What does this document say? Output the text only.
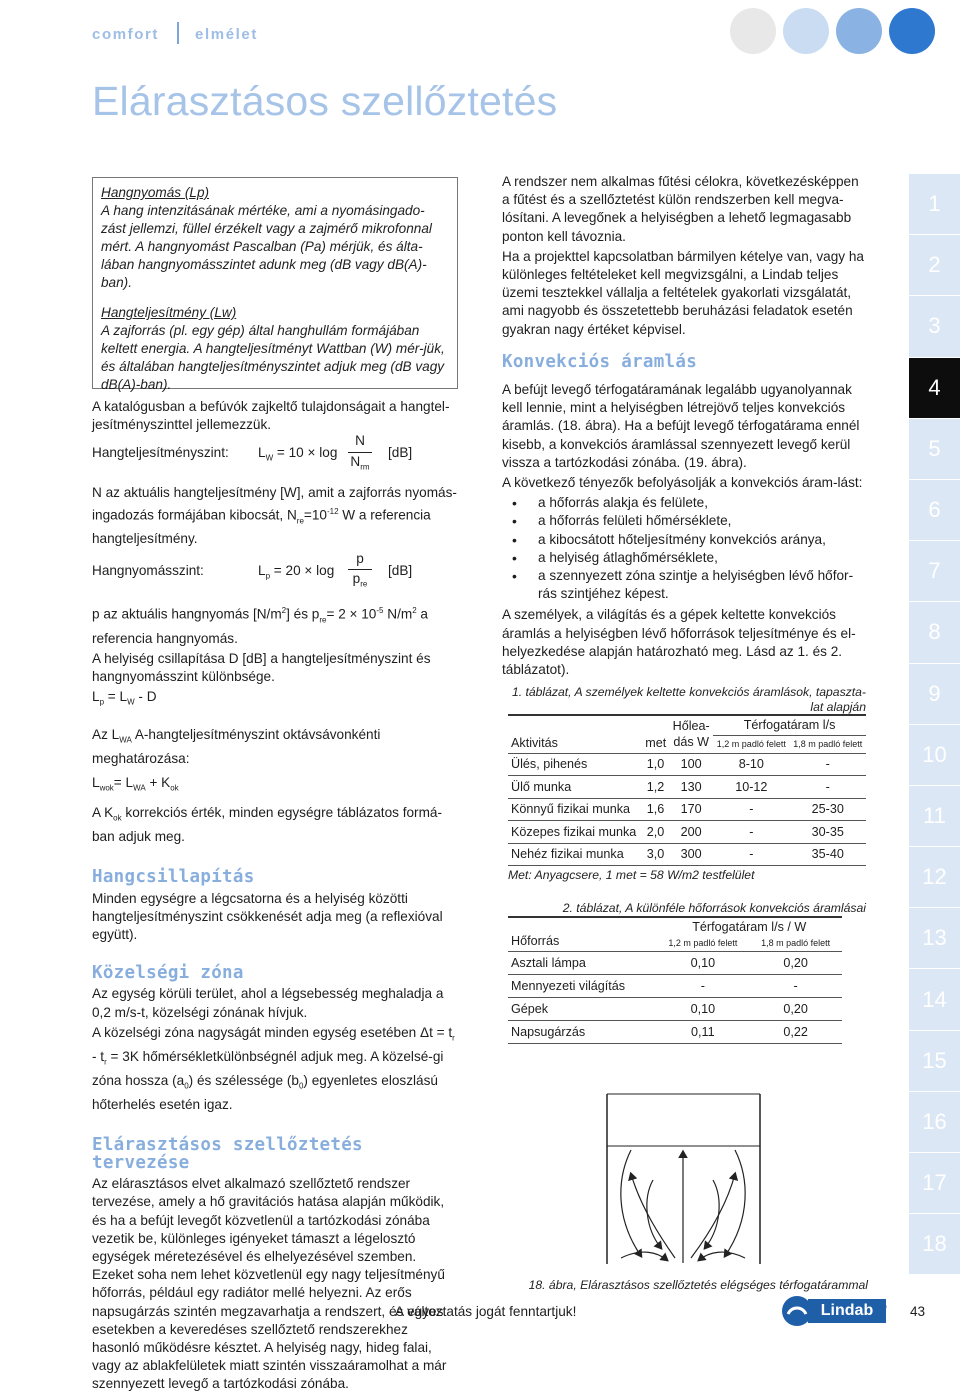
comfort elmélet
Elárasztásos szellőztetés
1
2
3
4
5
6
7
8
9
10
11
12
13
14
15
16
17
18

Hangnyomás (Lp)

A hang intenzitásának mértéke, ami a nyomásingado-zást jellemzi, füllel érzékelt vagy a zajmérő mikrofonnal mért. A hangnyomást Pascalban (Pa) mérjük, és álta-lában hangnyomásszintet adunk meg (dB vagy dB(A)-ban).

Hangteljesítmény (Lw)

A zajforrás (pl. egy gép) által hanghullám formájában keltett energia. A hangteljesítményt Wattban (W) mér-jük, és általában hangteljesítményszintet adjuk meg (dB vagy dB(A)-ban).

A katalógusban a befúvók zajkeltő tulajdonságait a hangtel-jesítményszinttel jellemezzük.

Hangteljesítményszint: $L_W = 10 \times \log$
N
$N_{rm}$
[dB]

N az aktuális hangteljesítmény [W], amit a zajforrás nyomás-ingadozás formájában kibocsát, $N_{re}=10^{-12}$ W a referencia hangteljesítmény.

Hangnyomásszint:	$L_p = 20 \times \log$
p
$p_{re}$
[dB]

p az aktuális hangnyomás $[N/m^2]$ és $p_{re}= 2 \times 10^{-5}$ $N/m^2$ a referencia hangnyomás.

A helyiség csillapítása D [dB] a hangteljesítményszint és hangnyomásszint különbsége.

$L_p = L_W - D$

Az $L_{WA}$ A-hangteljesítményszint oktávsávonkénti meghatározása:

$L_{wok}= L_{WA} + K_{ok}$

A $K_{ok}$ korrekciós érték, minden egységre táblázatos formá-ban adjuk meg.

Hangcsillapítás

Minden egységre a légcsatorna és a helyiség közötti hangteljesítményszint csökkenését adja meg (a reflexióval együtt).

Közelségi zóna

Az egység körüli terület, ahol a légsebesség meghaladja a 0,2 m/s-t, közelségi zónának hívjuk.

A közelségi zóna nagyságát minden egység esetében $\Delta t = t_r - t_r = 3K$ hőmérsékletkülönbségnél adjuk meg. A közelsé-gi zóna hossza $(a_0)$ és szélessége $(b_0)$ egyenletes eloszlású hőterhelés esetén igaz.

Elárasztásos szellőztetés tervezése

Az elárasztásos elvet alkalmazó szellőztető rendszer tervezése, amely a hő gravitációs hatása alapján működik, és ha a befújt levegőt közvetlenül a tartózkodási zónába vezetik be, különleges igényeket támaszt a légelosztó egységek méretezésével és elhelyezésével szemben. Ezeket soha nem lehet közvetlenül egy nagy teljesítményű hőforrás, például egy radiátor mellé helyezni. Az erős napsugárzás szintén megzavarhatja a rendszert, és egyes esetekben a keveredéses szellőztető rendszerekhez hasonló működésre késztet. A helyiség nagy, hideg falai, vagy az ablakfelületek miatt szintén visszaáramolhat a már szennyezett levegő a tartózkodási zónába.

A rendszer nem alkalmas fűtési célokra, következésképpen a fűtést és a szellőztetést külön rendszerben kell megva-lósítani. A levegőnek a helyiségben a lehető legmagasabb ponton kell távoznia.

Ha a projekttel kapcsolatban bármilyen kételye van, vagy ha különleges feltételeket kell megvizsgálni, a Lindab teljes üzemi tesztekkel vállalja a feltételek gyakorlati vizsgálatát, ami nagyobb és összetettebb beruházási feladatok esetén gyakran nagy értéket képvisel.

Konvekciós áramlás

A befújt levegő térfogatáramának legalább ugyanolyannak kell lennie, mint a helyiségben létrejövő teljes konvekciós áramlás. (18. ábra). Ha a befújt levegő térfogatárama ennél kisebb, a konvekciós áramlással szennyezett levegő kerül vissza a tartózkodási zónába. (19. ábra).

A következő tényezők befolyásolják a konvekciós áram-lást:

• a hőforrás alakja és felülete,
• a hőforrás felületi hőmérséklete,
• a kibocsátott hőteljesítmény konvekciós aránya,
• a helyiség átlaghőmérséklete,
• a szennyezett zóna szintje a helyiségben lévő hőfor-rás szintjéhez képest.

A személyek, a világítás és a gépek keltette konvekciós áramlás a helyiségben lévő hőforrások teljesítménye és el-helyezkedése alapján határozható meg. Lásd az 1. és 2. táblázatot).

1. táblázat, A személyek keltette konvekciós áramlások, tapaszta-lat alapján
Aktivitás	met	Hőlea-
dás W	Térfogatáram l/s	
			1,2 m padló felett	1,8 m padló felett
Ülés, pihenés	1,0	100	8-10	-
Ülő munka	1,2	130	10-12	-
Könnyű fizikai munka	1,6	170	-	25-30
Közepes fizikai munka	2,0	200	-	30-35
Nehéz fizikai munka	3,0	300	-	35-40
Met: Anyagcsere, 1 met = 58 W/m2 testfelület
2. táblázat, A különféle hőforrások konvekciós áramlásai
Hőforrás	Térfogatáram l/s / W	
	1,2 m padló felett	1,8 m padló felett
Asztali lámpa	0,10	0,20
Mennyezeti világítás	-	-
Gépek	0,10	0,20
Napsugárzás	0,11	0,22
18. ábra, Elárasztásos szellőztetés elégséges térfogatárammal
A változtatás jogát fenntartjuk!	Lindab ® 43
